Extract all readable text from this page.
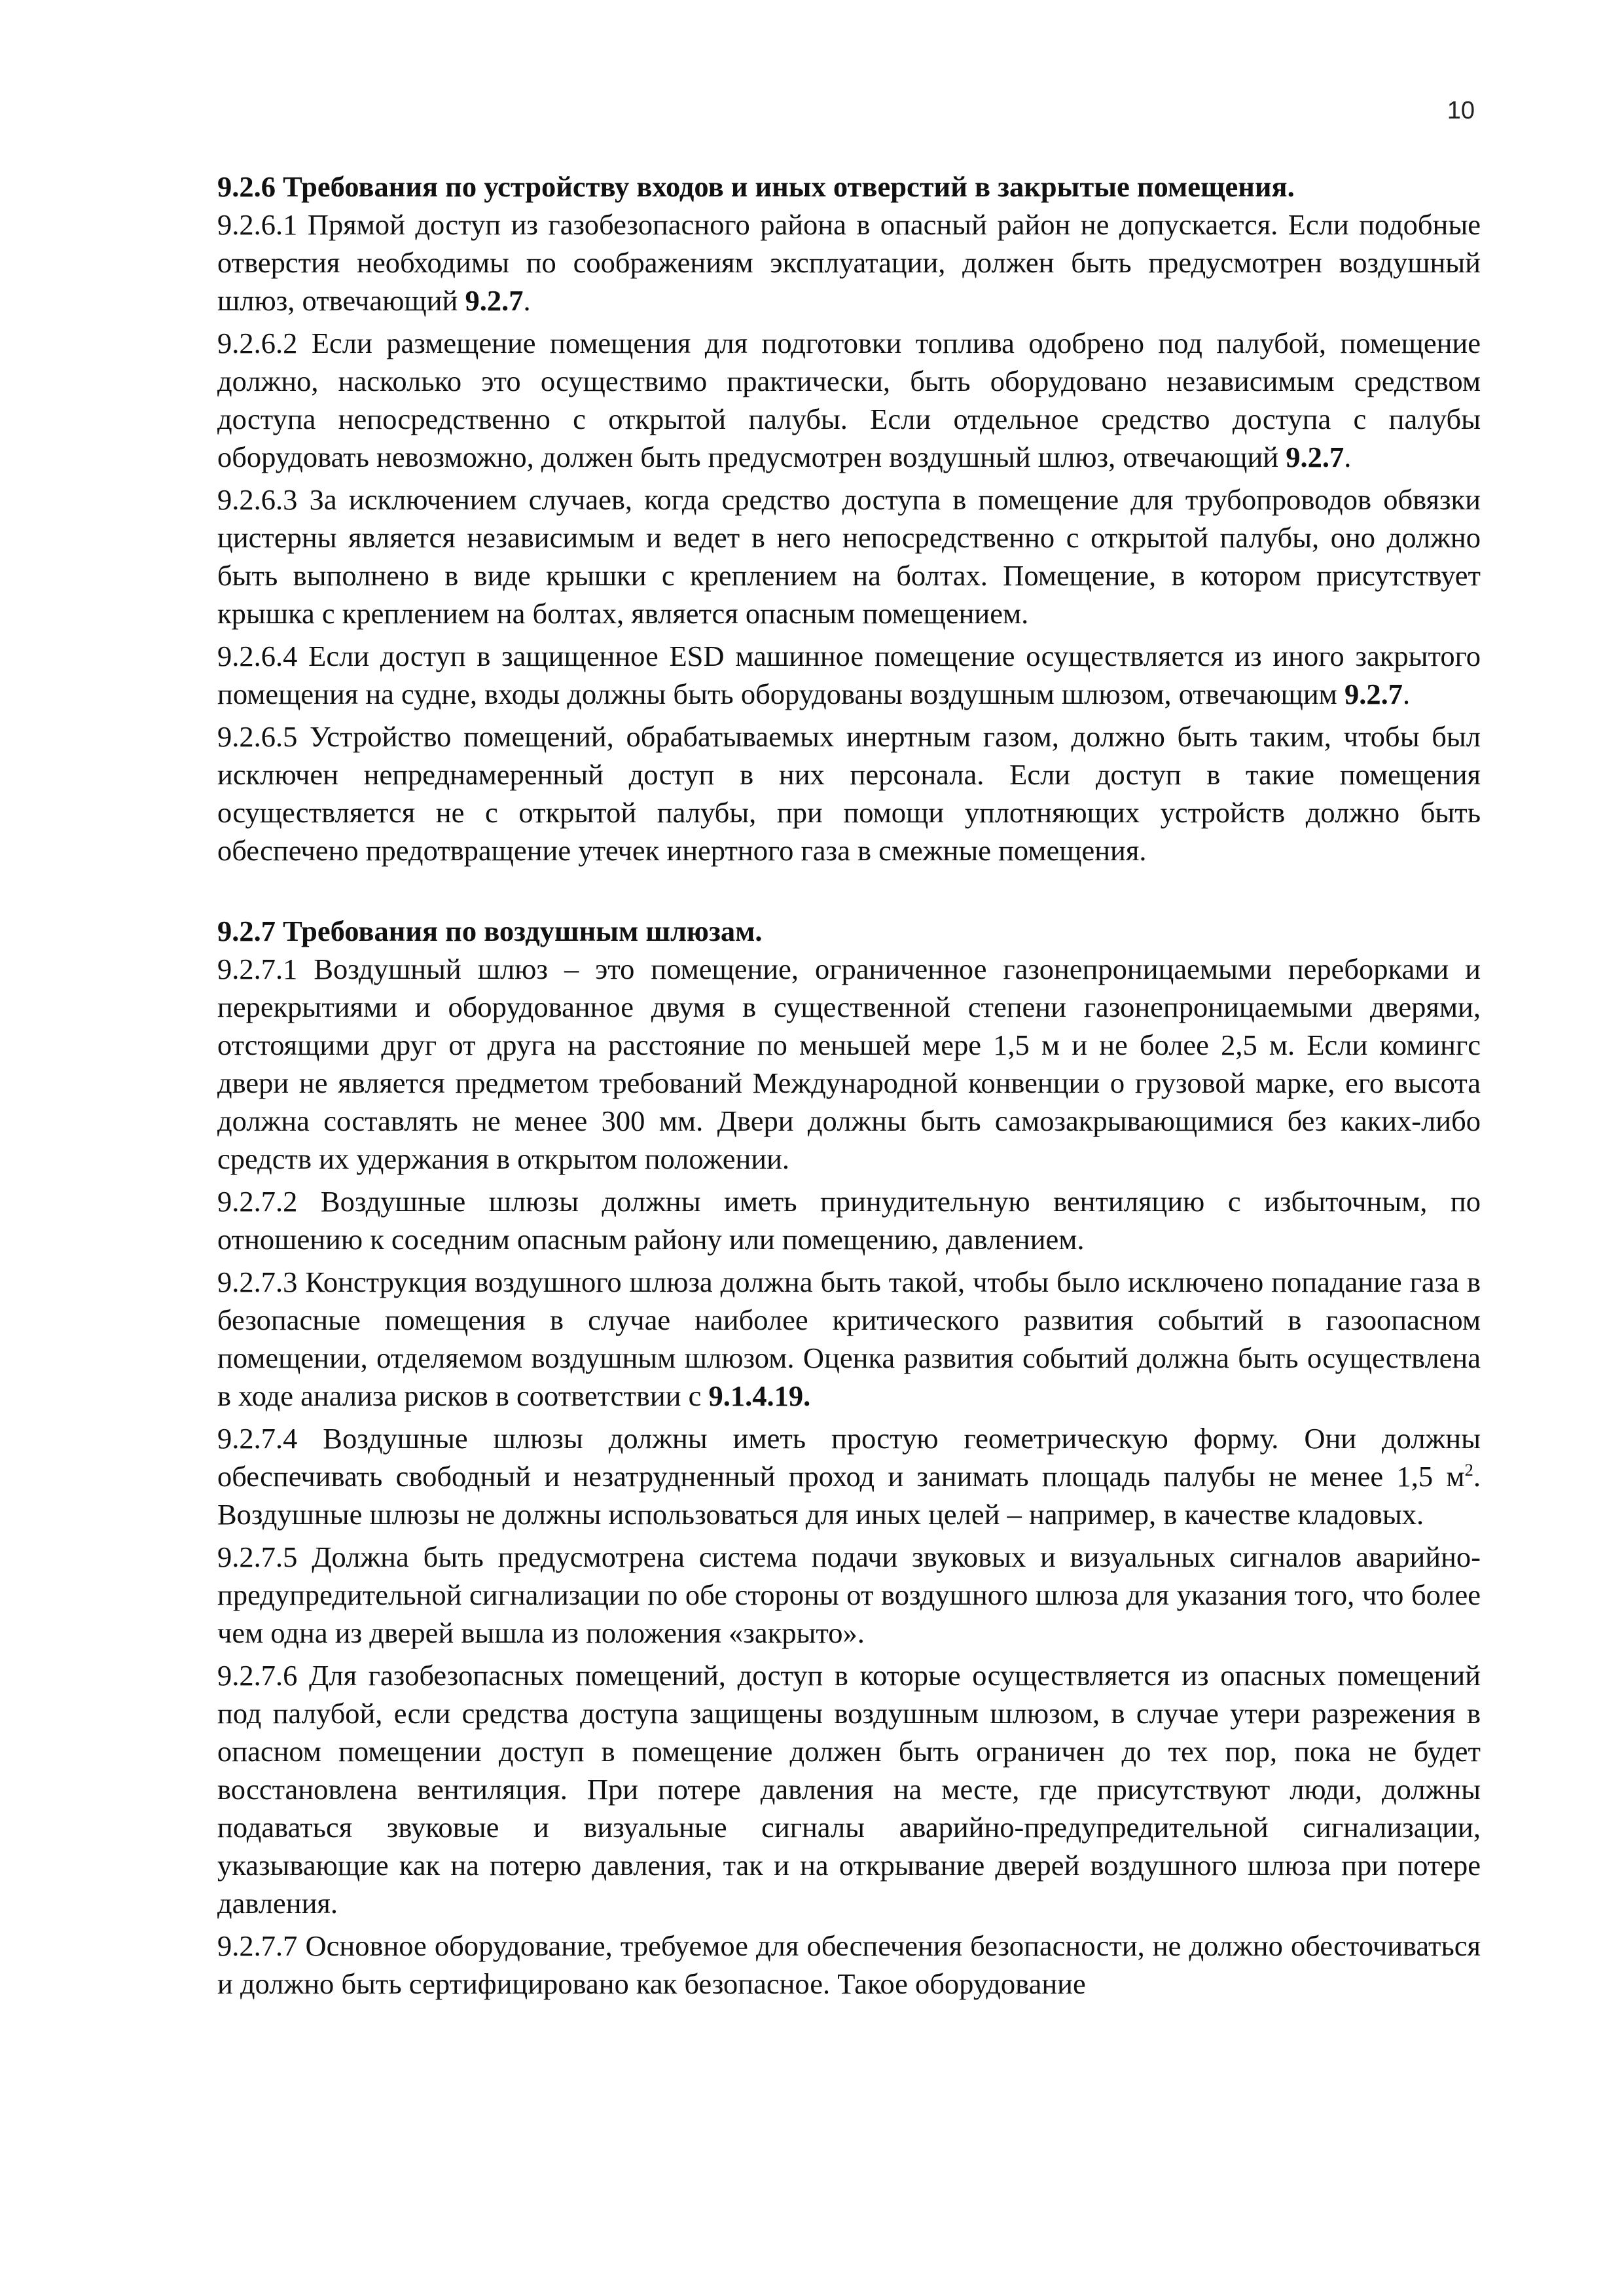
10

9.2.6 Требования по устройству входов и иных отверстий в закрытые помещения.

9.2.6.1 Прямой доступ из газобезопасного района в опасный район не допускается. Если подобные отверстия необходимы по соображениям эксплуатации, должен быть предусмотрен воздушный шлюз, отвечающий 9.2.7.

9.2.6.2 Если размещение помещения для подготовки топлива одобрено под палубой, помещение должно, насколько это осуществимо практически, быть оборудовано независимым средством доступа непосредственно с открытой палубы. Если отдельное средство доступа с палубы оборудовать невозможно, должен быть предусмотрен воздушный шлюз, отвечающий 9.2.7.

9.2.6.3 За исключением случаев, когда средство доступа в помещение для трубопроводов обвязки цистерны является независимым и ведет в него непосредственно с открытой палубы, оно должно быть выполнено в виде крышки с креплением на болтах. Помещение, в котором присутствует крышка с креплением на болтах, является опасным помещением.

9.2.6.4 Если доступ в защищенное ESD машинное помещение осуществляется из иного закрытого помещения на судне, входы должны быть оборудованы воздушным шлюзом, отвечающим 9.2.7.

9.2.6.5 Устройство помещений, обрабатываемых инертным газом, должно быть таким, чтобы был исключен непреднамеренный доступ в них персонала. Если доступ в такие помещения осуществляется не с открытой палубы, при помощи уплотняющих устройств должно быть обеспечено предотвращение утечек инертного газа в смежные помещения.

9.2.7 Требования по воздушным шлюзам.

9.2.7.1 Воздушный шлюз – это помещение, ограниченное газонепроницаемыми переборками и перекрытиями и оборудованное двумя в существенной степени газонепроницаемыми дверями, отстоящими друг от друга на расстояние по меньшей мере 1,5 м и не более 2,5 м. Если комингс двери не является предметом требований Международной конвенции о грузовой марке, его высота должна составлять не менее 300 мм. Двери должны быть самозакрывающимися без каких-либо средств их удержания в открытом положении.

9.2.7.2 Воздушные шлюзы должны иметь принудительную вентиляцию с избыточным, по отношению к соседним опасным району или помещению, давлением.

9.2.7.3 Конструкция воздушного шлюза должна быть такой, чтобы было исключено попадание газа в безопасные помещения в случае наиболее критического развития событий в газоопасном помещении, отделяемом воздушным шлюзом. Оценка развития событий должна быть осуществлена в ходе анализа рисков в соответствии с 9.1.4.19.

9.2.7.4 Воздушные шлюзы должны иметь простую геометрическую форму. Они должны обеспечивать свободный и незатрудненный проход и занимать площадь палубы не менее 1,5 $м^2$. Воздушные шлюзы не должны использоваться для иных целей – например, в качестве кладовых.

9.2.7.5 Должна быть предусмотрена система подачи звуковых и визуальных сигналов аварийно-предупредительной сигнализации по обе стороны от воздушного шлюза для указания того, что более чем одна из дверей вышла из положения «закрыто».

9.2.7.6 Для газобезопасных помещений, доступ в которые осуществляется из опасных помещений под палубой, если средства доступа защищены воздушным шлюзом, в случае утери разрежения в опасном помещении доступ в помещение должен быть ограничен до тех пор, пока не будет восстановлена вентиляция. При потере давления на месте, где присутствуют люди, должны подаваться звуковые и визуальные сигналы аварийно-предупредительной сигнализации, указывающие как на потерю давления, так и на открывание дверей воздушного шлюза при потере давления.

9.2.7.7 Основное оборудование, требуемое для обеспечения безопасности, не должно обесточиваться и должно быть сертифицировано как безопасное. Такое оборудование
